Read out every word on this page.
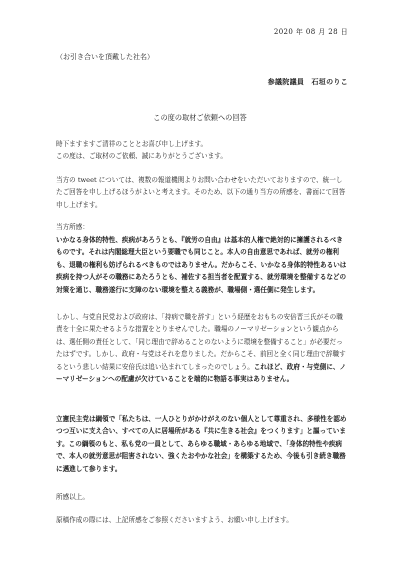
2020 年 08 月 28 日
（お引き合いを頂戴した社名）
参議院議員　石垣のりこ
この度の取材ご依頼への回答

時下ますますご清祥のこととお喜び申し上げます。
この度は、ご取材のご依頼、誠にありがとうございます。

当方の tweet については、複数の報道機関よりお問い合わせをいただいておりますので、統一したご回答を申し上げるほうがよいと考えます。そのため、以下の通り当方の所感を、書面にて回答申し上げます。

当方所感：

いかなる身体的特性、疾病があろうとも、『就労の自由』は基本的人権で絶対的に擁護されるべきものです。それは内閣総理大臣という要職でも同じこと。本人の自由意思であれば、就労の権利も、退職の権利も妨げられるべきものではありません。だからこそ、いかなる身体的特性あるいは疾病を持つ人がその職務にあたろうとも、補佐する担当者を配置する、就労環境を整備するなどの対策を通じ、職務遂行に支障のない環境を整える義務が、職場側・選任側に発生します。

しかし、与党自民党および政府は、「持病で職を辞す」という経歴をおもちの安倍晋三氏がその職責を十全に果たせるような措置をとりませんでした。職場のノーマリゼーションという観点からは、選任側の責任として、「同じ理由で辞めることのないように環境を整備すること」が必要だったはずです。しかし、政府・与党はそれを怠りました。だからこそ、前回と全く同じ理由で辞職するという悲しい結果に安倍氏は追い込まれてしまったのでしょう。これほど、政府・与党側に、ノーマリゼーションへの配慮が欠けていることを端的に物語る事実はありません。

立憲民主党は綱領で「私たちは、一人ひとりがかけがえのない個人として尊重され、多様性を認めつつ互いに支え合い、すべての人に居場所がある『共に生きる社会』をつくります」と謳っています。この綱領のもと、私も党の一員として、あらゆる職域・あらゆる地域で、「身体的特性や疾病で、本人の就労意思が阻害されない、強くたおやかな社会」を構築するため、今後も引き続き職務に邁進して参ります。

所感以上。

原稿作成の際には、上記所感をご参照くださいますよう、お願い申し上げます。
